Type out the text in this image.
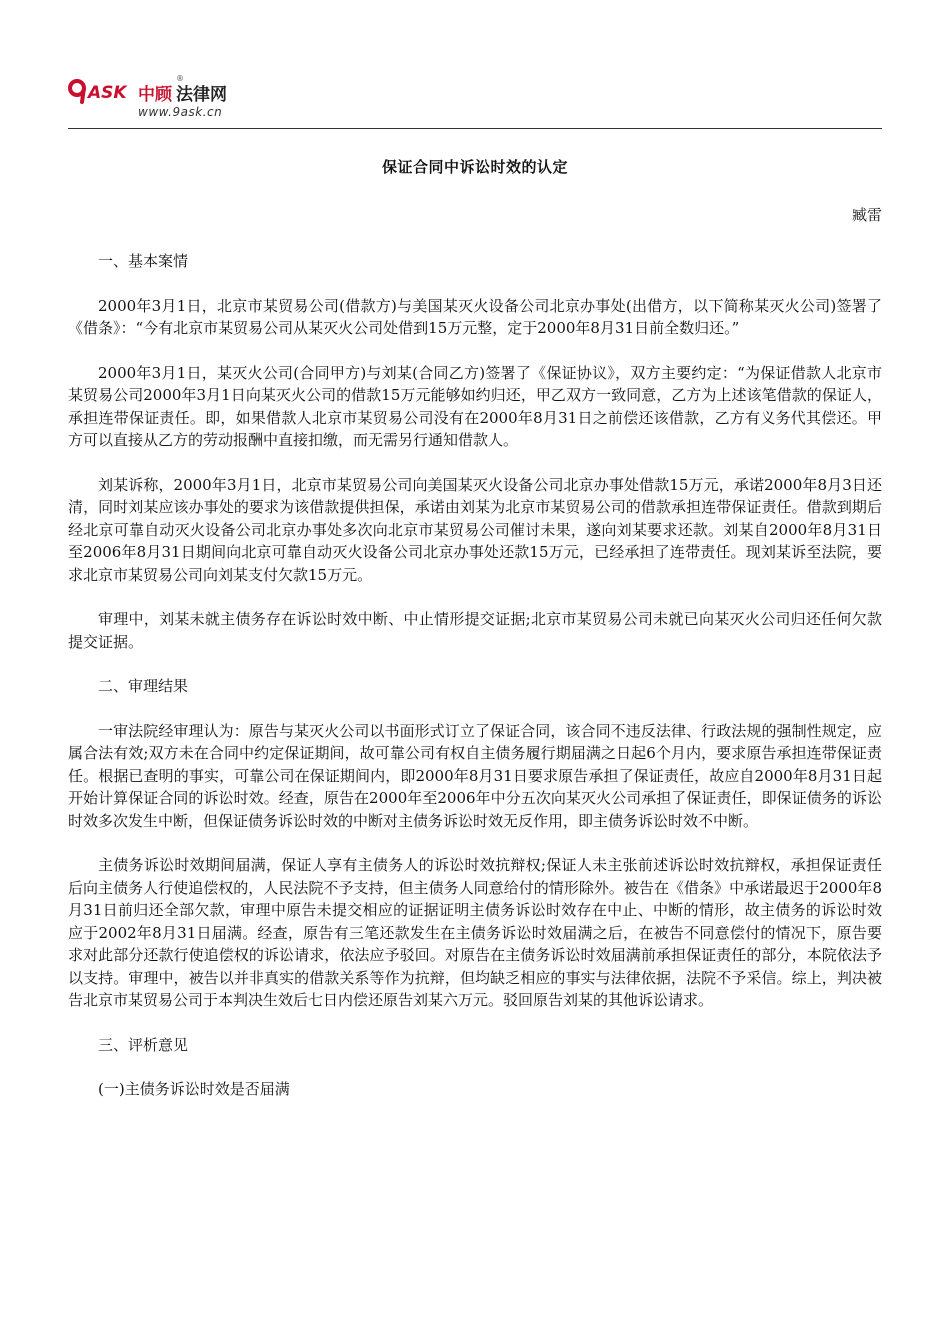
ASK 中顾 法律网
®
www.9ask.cn
保证合同中诉讼时效的认定
臧雷

一、基本案情

2000年3月1日，北京市某贸易公司(借款方)与美国某灭火设备公司北京办事处(出借方，以下简称某灭火公司)签署了《借条》：“今有北京市某贸易公司从某灭火公司处借到15万元整，定于2000年8月31日前全数归还。”

2000年3月1日，某灭火公司(合同甲方)与刘某(合同乙方)签署了《保证协议》，双方主要约定：“为保证借款人北京市某贸易公司2000年3月1日向某灭火公司的借款15万元能够如约归还，甲乙双方一致同意，乙方为上述该笔借款的保证人，承担连带保证责任。即，如果借款人北京市某贸易公司没有在2000年8月31日之前偿还该借款，乙方有义务代其偿还。甲方可以直接从乙方的劳动报酬中直接扣缴，而无需另行通知借款人。

刘某诉称，2000年3月1日，北京市某贸易公司向美国某灭火设备公司北京办事处借款15万元，承诺2000年8月3日还清，同时刘某应该办事处的要求为该借款提供担保，承诺由刘某为北京市某贸易公司的借款承担连带保证责任。借款到期后经北京可靠自动灭火设备公司北京办事处多次向北京市某贸易公司催讨未果，遂向刘某要求还款。刘某自2000年8月31日至2006年8月31日期间向北京可靠自动灭火设备公司北京办事处还款15万元，已经承担了连带责任。现刘某诉至法院，要求北京市某贸易公司向刘某支付欠款15万元。

审理中，刘某未就主债务存在诉讼时效中断、中止情形提交证据;北京市某贸易公司未就已向某灭火公司归还任何欠款提交证据。

二、审理结果

一审法院经审理认为：原告与某灭火公司以书面形式订立了保证合同，该合同不违反法律、行政法规的强制性规定，应属合法有效;双方未在合同中约定保证期间，故可靠公司有权自主债务履行期届满之日起6个月内，要求原告承担连带保证责任。根据已查明的事实，可靠公司在保证期间内，即2000年8月31日要求原告承担了保证责任，故应自2000年8月31日起开始计算保证合同的诉讼时效。经查，原告在2000年至2006年中分五次向某灭火公司承担了保证责任，即保证债务的诉讼时效多次发生中断，但保证债务诉讼时效的中断对主债务诉讼时效无反作用，即主债务诉讼时效不中断。

主债务诉讼时效期间届满，保证人享有主债务人的诉讼时效抗辩权;保证人未主张前述诉讼时效抗辩权，承担保证责任后向主债务人行使追偿权的，人民法院不予支持，但主债务人同意给付的情形除外。被告在《借条》中承诺最迟于2000年8月31日前归还全部欠款，审理中原告未提交相应的证据证明主债务诉讼时效存在中止、中断的情形，故主债务的诉讼时效应于2002年8月31日届满。经查，原告有三笔还款发生在主债务诉讼时效届满之后，在被告不同意偿付的情况下，原告要求对此部分还款行使追偿权的诉讼请求，依法应予驳回。对原告在主债务诉讼时效届满前承担保证责任的部分，本院依法予以支持。审理中，被告以并非真实的借款关系等作为抗辩，但均缺乏相应的事实与法律依据，法院不予采信。综上，判决被告北京市某贸易公司于本判决生效后七日内偿还原告刘某六万元。驳回原告刘某的其他诉讼请求。

三、评析意见

(一)主债务诉讼时效是否届满
